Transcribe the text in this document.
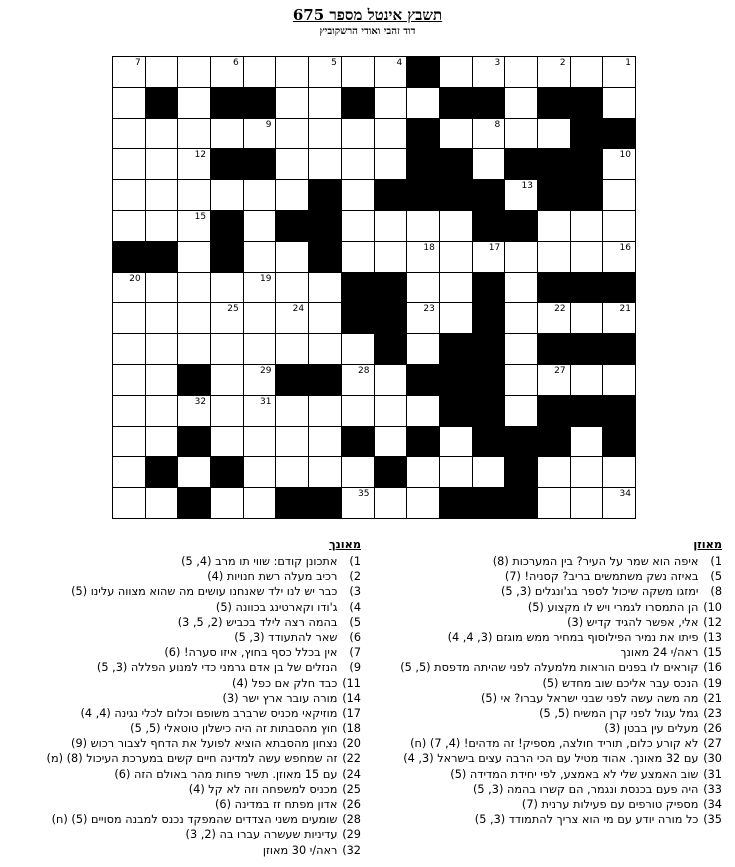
תשבץ אינטל מספר 675
דוד זהבי ואודי הרשקוביץ
7	6	5	4	3	2	1
9	8
12	10
13
15
18	17	16
20	19
25	24	23	22	21
29	28	27
32	31
35	34
מאוזן
1) איפה הוא שמר על העיר? בין המערכות (8)
5) באיזה נשק משתמשים בריב? קסניה! (7)
8) ימזגו משקה שיכול לספר בג'ונגלים (3, 5)
10) הן התמסרו לגמרי ויש לו מקצוע (5)
12) אלי, אפשר להגיד קדיש (3)
13) פיתו את נמיר הפילוסוף במחיר ממש מוגזם (3, 4, 4)
15) ראה/י 24 מאונך
16) קוראים לו בפנים הוראות מלמעלה לפני שהיתה מדפסת (5, 5)
19) הנכס עבר אליכם שוב מחדש (5)
21) מה משה עשה לפני שבני ישראל עברו? אי (5)
23) גמל עגול לפני קרן המשיח (5, 5)
26) מעלים עין בבטן (3)
27) לא קורע כלום, תוריד חולצה, מספיק! זה מדהים! (4, 7) (ח)
30) עם 32 מאונך. אהוד מטיל עם הכי הרבה עצים בישראל (3, 4)
31) שוב האמצע שלי לא באמצע, לפי יחידת המדידה (5)
33) היה פעם בכנסת ונגמר, הם קשרו בהמה (3, 5)
34) מספיק טורפים עם פעילות ערנית (7)
35) כל מורה יודע עם מי הוא צריך להתמודד (3, 5)
מאונך
1) אתכונן קודם: שווי תו מרב (4, 5)
2) רכיב מעלה רשת חנויות (4)
3) כבר יש לנו ילד שאנחנו עושים מה שהוא מצווה עלינו (5)
4) ג'ודו וקארטינג בכוונה (5)
5) בהמה רצה לילד בכביש (2, 5, 3)
6) שאר להתעודד (3, 5)
7) אין בכלל כסף בחוץ, איזו סערה! (6)
9) הנזלים של בן אדם גרמני כדי למנוע הפללה (3, 5)
11) כבד חלק אם כפל (4)
14) מורה עובר ארץ ישר (3)
17) מוזיקאי מכניס שרברב משופם וכלום לכלי נגינה (4, 4)
18) חוץ מהסבתות זה היה כישלון טוטאלי (5, 5)
20) נצחון מהסבתא הוציא לפועל את הדחף לצבור רכוש (9)
22) זה שמחפש עשה למדינה חיים קשים במערכת העיכול (8) (מ)
24) עם 15 מאוזן. תשיר פחות מהר באולם הזה (6)
25) מכניס למשפחה וזה לא קל (4)
26) אדון מפתח זז במדינה (6)
28) שומעים משני הצדדים שהמפקד נכנס למבנה מסויים (5) (ח)
29) עדיניות שעשרה עברו בה (2, 3)
32) ראה/י 30 מאוזן
